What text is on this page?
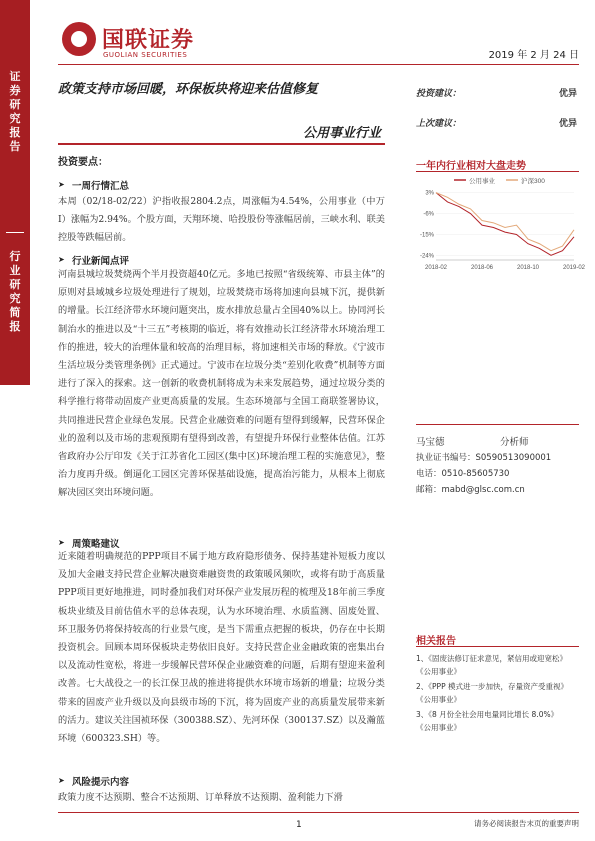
证
券
研
究
报
告
行
业
研
究
简
报
国联证券
GUOLIAN SECURITIES	2019 年 2 月 24 日
政策支持市场回暖，环保板块将迎来估值修复
公用事业行业
投资建议：	优异
上次建议：	优异
投资要点：
➤ 一周行情汇总
本周（02/18-02/22）沪指收报2804.2点，周涨幅为4.54%，公用事业（中万Ⅰ）涨幅为2.94%。个股方面，天翔环境、哈投股份等涨幅居前，三峡水利、联美控股等跌幅居前。
➤ 行业新闻点评
河南县城垃圾焚烧两个半月投资超40亿元。多地已按照“省级统筹、市县主体”的原则对县域城乡垃圾处理进行了规划，垃圾焚烧市场将加速向县城下沉，提供新的增量。长江经济带水环境问题突出，废水排放总量占全国40%以上。协同河长制治水的推进以及“十三五”考核期的临近，将有效推动长江经济带水环境治理工作的推进，较大的治理体量和较高的治理目标，将加速相关市场的释放。《宁波市生活垃圾分类管理条例》正式通过。宁波市在垃圾分类“差别化收费”机制等方面进行了深入的探索。这一创新的收费机制将成为未来发展趋势，通过垃圾分类的科学推行将带动固废产业更高质量的发展。生态环境部与全国工商联签署协议，共同推进民营企业绿色发展。民营企业融资难的问题有望得到缓解，民营环保企业的盈利以及市场的悲观预期有望得到改善，有望提升环保行业整体估值。江苏省政府办公厅印发《关于江苏省化工园区(集中区)环境治理工程的实施意见》，整治力度再升级。倒逼化工园区完善环保基础设施，提高治污能力，从根本上彻底解决园区突出环境问题。
➤ 周策略建议
近来随着明确规范的PPP项目不属于地方政府隐形债务、保持基建补短板力度以及加大金融支持民营企业解决融资难融资贵的政策暖风频吹，或将有助于高质量PPP项目更好地推进，同时叠加我们对环保产业发展历程的梳理及18年前三季度板块业绩及目前估值水平的总体表现，认为水环境治理、水质监测、固废处置、环卫服务仍将保持较高的行业景气度，是当下需重点把握的板块，仍存在中长期投资机会。回顾本周环保板块走势依旧良好。支持民营企业金融政策的密集出台以及流动性宽松，将进一步缓解民营环保企业融资难的问题，后期有望迎来盈利改善。七大战役之一的长江保卫战的推进将提供水环境市场新的增量；垃圾分类带来的固废产业升级以及向县级市场的下沉，将为固废产业的高质量发展带来新的活力。建议关注国祯环保（300388.SZ）、先河环保（300137.SZ）以及瀚蓝环境（600323.SH）等。
➤ 风险提示内容
政策力度不达预期、整合不达预期、订单释放不达预期、盈利能力下滑
一年内行业相对大盘走势
公用事业	沪深300
3%
-6%
-15%
-24%
2018-02	2018-06	2018-10	2019-02
马宝德	分析师
执业证书编号：S0590513090001
电话：0510-85605730
邮箱：mabd@glsc.com.cn
相关报告
1、《固废法修订征求意见，紧信用或迎宽松》
《公用事业》
2、《PPP 模式进一步加快，存量资产受重视》
《公用事业》
3、《8 月份全社会用电量同比增长 8.0%》
《公用事业》
1	请务必阅读报告末页的重要声明
